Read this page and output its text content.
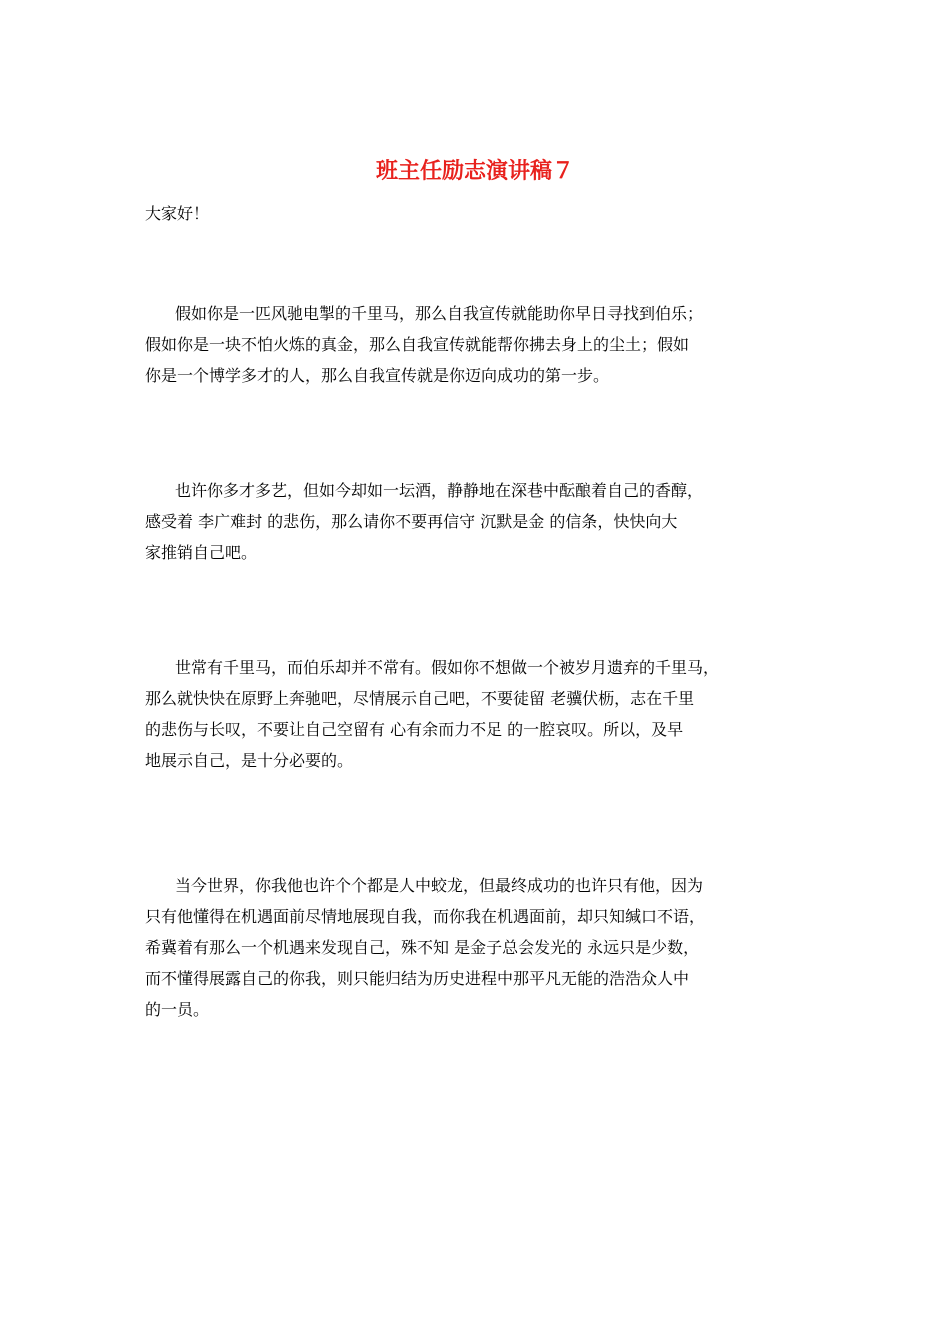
班主任励志演讲稿７

大家好！

假如你是一匹风驰电掣的千里马，那么自我宣传就能助你早日寻找到伯乐；
假如你是一块不怕火炼的真金，那么自我宣传就能帮你拂去身上的尘土；假如
你是一个博学多才的人，那么自我宣传就是你迈向成功的第一步。

也许你多才多艺，但如今却如一坛酒，静静地在深巷中酝酿着自己的香醇，
感受着 李广难封 的悲伤，那么请你不要再信守 沉默是金 的信条，快快向大
家推销自己吧。

世常有千里马，而伯乐却并不常有。假如你不想做一个被岁月遗弃的千里马，
那么就快快在原野上奔驰吧，尽情展示自己吧，不要徒留 老骥伏枥，志在千里
的悲伤与长叹，不要让自己空留有 心有余而力不足 的一腔哀叹。所以，及早
地展示自己，是十分必要的。

当今世界，你我他也许个个都是人中蛟龙，但最终成功的也许只有他，因为
只有他懂得在机遇面前尽情地展现自我，而你我在机遇面前，却只知缄口不语，
希冀着有那么一个机遇来发现自己，殊不知 是金子总会发光的 永远只是少数，
而不懂得展露自己的你我，则只能归结为历史进程中那平凡无能的浩浩众人中
的一员。
